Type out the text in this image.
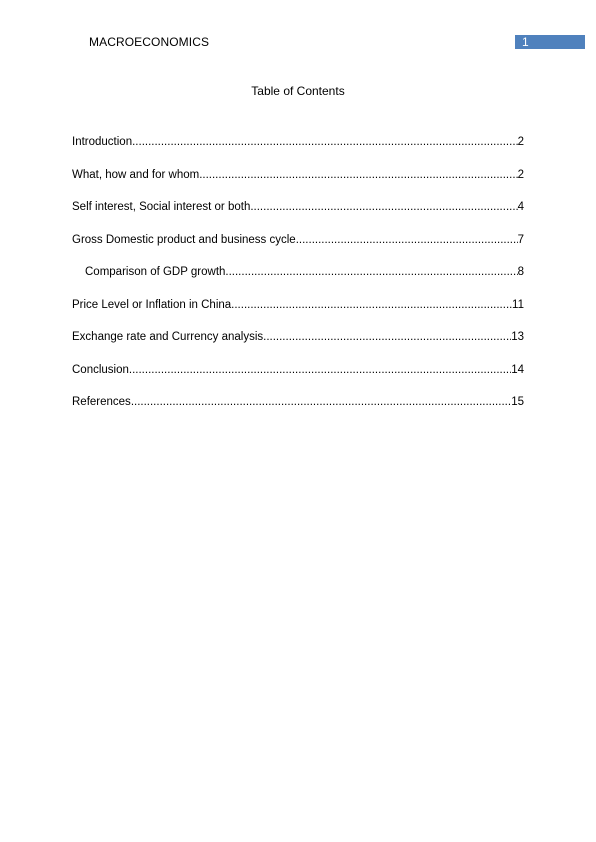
MACROECONOMICS	1
Table of Contents
Introduction .....	2
What, how and for whom .....	2
Self interest, Social interest or both .....	4
Gross Domestic product and business cycle .....	7
Comparison of GDP growth .....	8
Price Level or Inflation in China .....	11
Exchange rate and Currency analysis .....	13
Conclusion .....	14
References .....	15
